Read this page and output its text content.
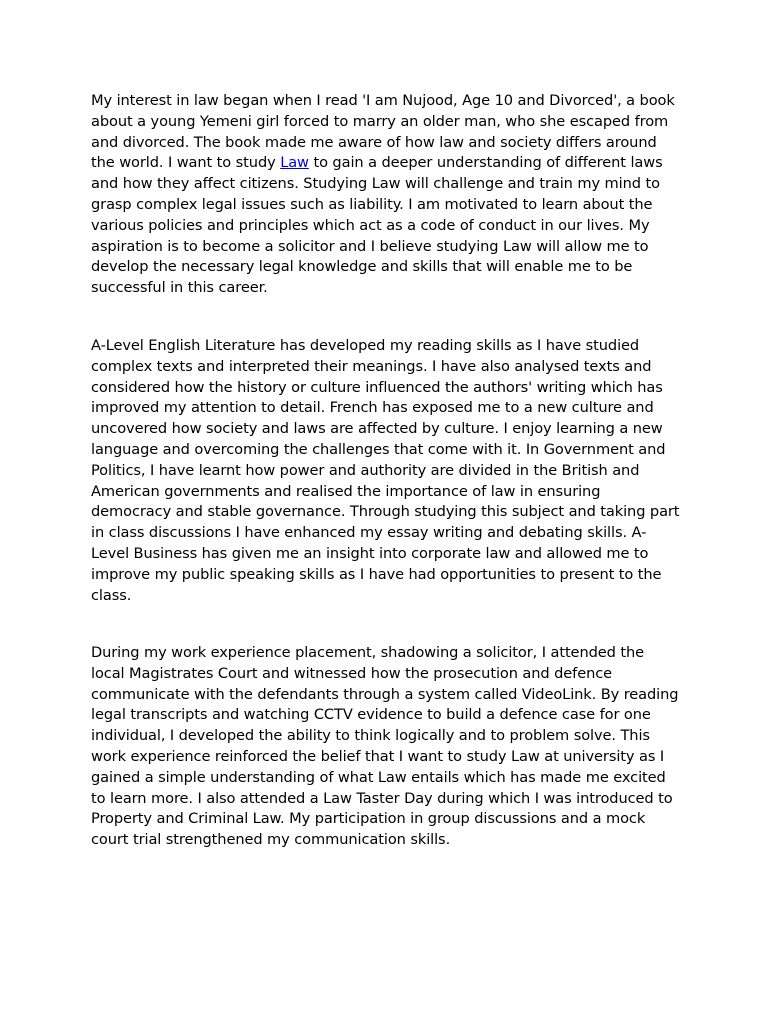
My interest in law began when I read 'I am Nujood, Age 10 and Divorced', a book about a young Yemeni girl forced to marry an older man, who she escaped from and divorced. The book made me aware of how law and society differs around the world. I want to study Law to gain a deeper understanding of different laws and how they affect citizens. Studying Law will challenge and train my mind to grasp complex legal issues such as liability. I am motivated to learn about the various policies and principles which act as a code of conduct in our lives. My aspiration is to become a solicitor and I believe studying Law will allow me to develop the necessary legal knowledge and skills that will enable me to be successful in this career.

A-Level English Literature has developed my reading skills as I have studied complex texts and interpreted their meanings. I have also analysed texts and considered how the history or culture influenced the authors' writing which has improved my attention to detail. French has exposed me to a new culture and uncovered how society and laws are affected by culture. I enjoy learning a new language and overcoming the challenges that come with it. In Government and Politics, I have learnt how power and authority are divided in the British and American governments and realised the importance of law in ensuring democracy and stable governance. Through studying this subject and taking part in class discussions I have enhanced my essay writing and debating skills. A-Level Business has given me an insight into corporate law and allowed me to improve my public speaking skills as I have had opportunities to present to the class.

During my work experience placement, shadowing a solicitor, I attended the local Magistrates Court and witnessed how the prosecution and defence communicate with the defendants through a system called VideoLink. By reading legal transcripts and watching CCTV evidence to build a defence case for one individual, I developed the ability to think logically and to problem solve. This work experience reinforced the belief that I want to study Law at university as I gained a simple understanding of what Law entails which has made me excited to learn more. I also attended a Law Taster Day during which I was introduced to Property and Criminal Law. My participation in group discussions and a mock court trial strengthened my communication skills.
